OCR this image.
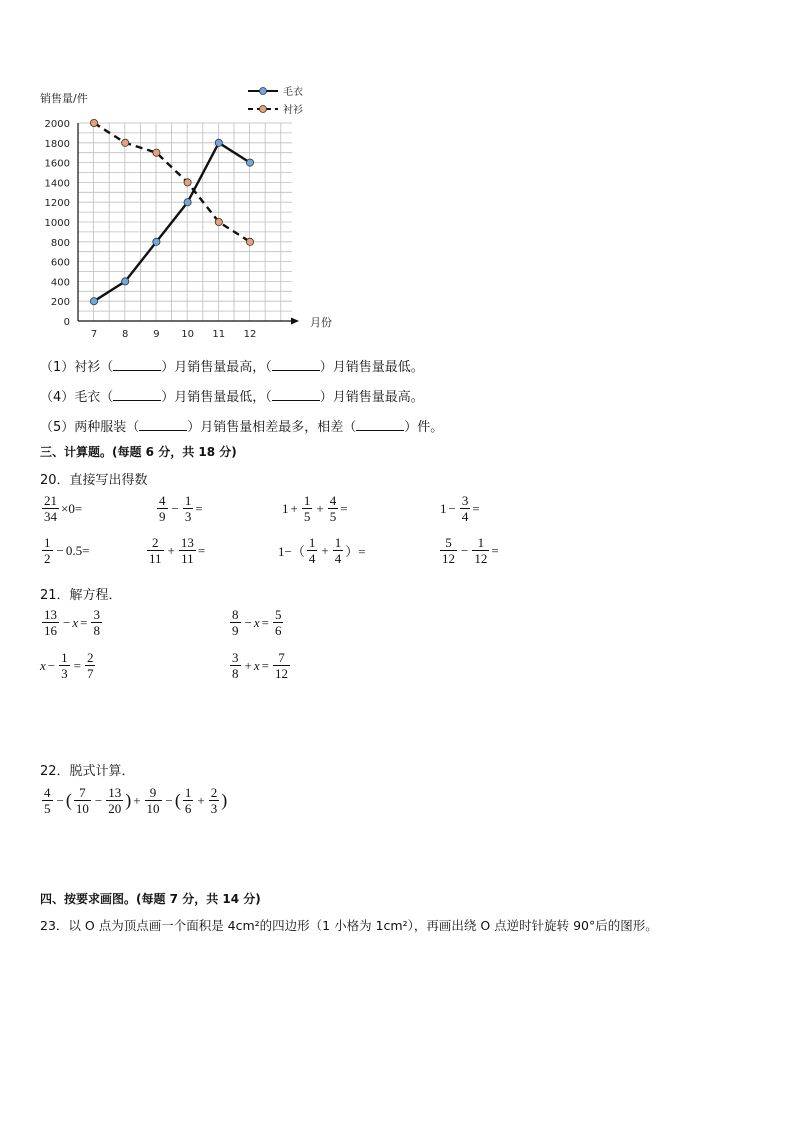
销售量/件
0
200
400
600
800
1000
1200
1400
1600
1800
2000
7 8 9 10 11 12
月份
毛衣
衬衫
（1）衬衫（	）月销售量最高，（	）月销售量最低。
（4）毛衣（	）月销售量最低，（	）月销售量最高。
（5）两种服装（	）月销售量相差最多，相差（	）件。
三、计算题。(每题 6 分，共 18 分)
20．直接写出得数
$\frac{21}{34} \times 0=$	$\frac{4}{9} - \frac{1}{3}$ =	$1 + \frac{1}{5} + \frac{4}{5}$ =	$1 - \frac{3}{4}$ =
$\frac{1}{2} - 0.5=$	$\frac{2}{11} + \frac{13}{11}$ =	$1-( \frac{1}{4} + \frac{1}{4}$ ）=	$\frac{5}{12} - \frac{1}{12}$ =
21．解方程．
$\frac{13}{16} - x = \frac{3}{8}$	$\frac{8}{9} - x = \frac{5}{6}$
$x - \frac{1}{3} = \frac{2}{7}$	$\frac{3}{8} + x = \frac{7}{12}$
22．脱式计算．
$\frac{4}{5}$ − ( $\frac{7}{10} - \frac{13}{20}$ ) + $\frac{9}{10}$ − ( $\frac{1}{6} + \frac{2}{3}$ )
四、按要求画图。(每题 7 分，共 14 分)
23．以 O 点为顶点画一个面积是 4cm²的四边形（1 小格为 1cm²），再画出绕 O 点逆时针旋转 90°后的图形。
